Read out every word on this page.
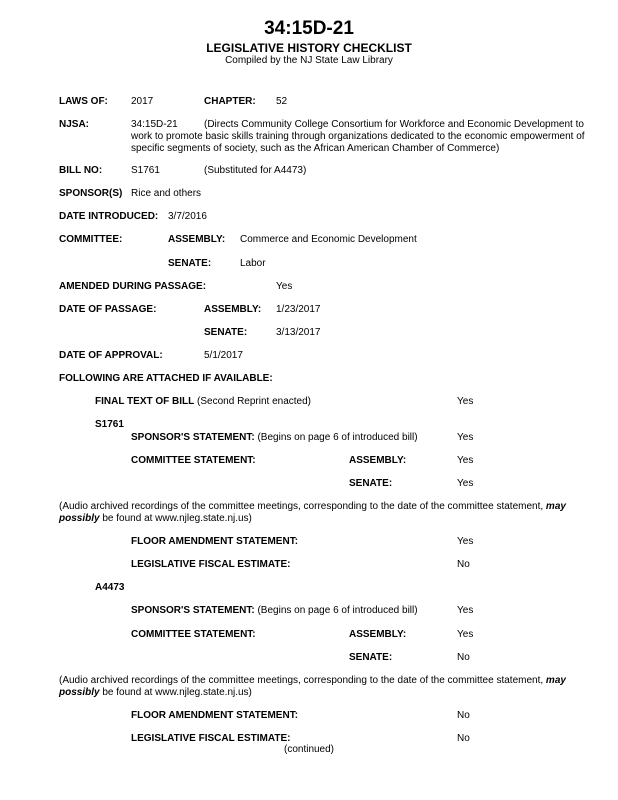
34:15D-21
LEGISLATIVE HISTORY CHECKLIST
Compiled by the NJ State Law Library
LAWS OF: 2017	CHAPTER: 52
NJSA:	34:15D-21	(Directs Community College Consortium for Workforce and Economic Development to work to promote basic skills training through organizations dedicated to the economic empowerment of specific segments of society, such as the African American Chamber of Commerce)
BILL NO:	S1761	(Substituted for A4473)
SPONSOR(S) Rice and others
DATE INTRODUCED: 3/7/2016
COMMITTEE:	ASSEMBLY: Commerce and Economic Development
SENATE:	Labor
AMENDED DURING PASSAGE:	Yes
DATE OF PASSAGE:	ASSEMBLY: 1/23/2017
SENATE:	3/13/2017
DATE OF APPROVAL:	5/1/2017
FOLLOWING ARE ATTACHED IF AVAILABLE:
FINAL TEXT OF BILL (Second Reprint enacted)	Yes
S1761
SPONSOR'S STATEMENT: (Begins on page 6 of introduced bill)	Yes
COMMITTEE STATEMENT:	ASSEMBLY:	Yes
SENATE:	Yes
(Audio archived recordings of the committee meetings, corresponding to the date of the committee statement, may possibly be found at www.njleg.state.nj.us)
FLOOR AMENDMENT STATEMENT:	Yes
LEGISLATIVE FISCAL ESTIMATE:	No
A4473
SPONSOR'S STATEMENT: (Begins on page 6 of introduced bill)	Yes
COMMITTEE STATEMENT:	ASSEMBLY:	Yes
SENATE:	No
(Audio archived recordings of the committee meetings, corresponding to the date of the committee statement, may possibly be found at www.njleg.state.nj.us)
FLOOR AMENDMENT STATEMENT:	No
LEGISLATIVE FISCAL ESTIMATE:	No
(continued)
